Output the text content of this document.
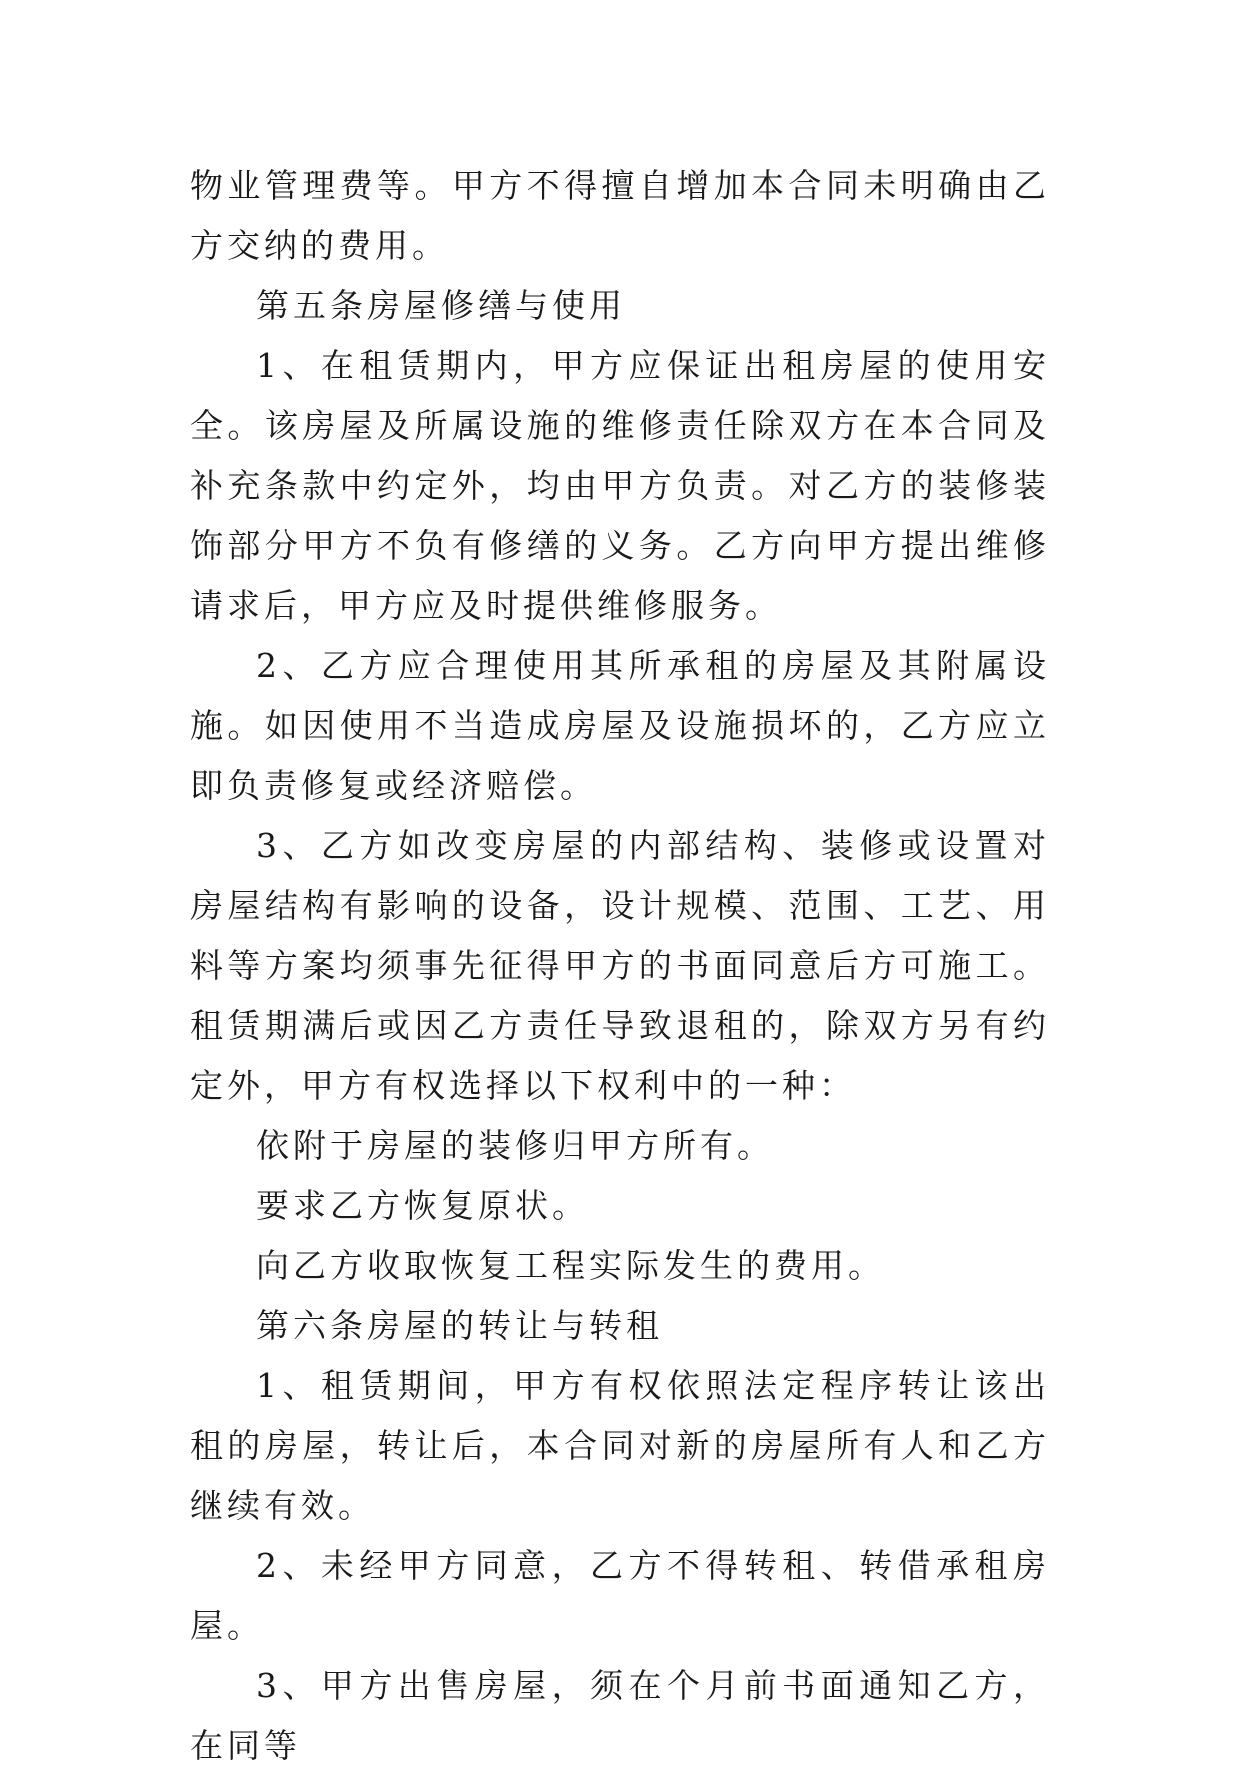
物业管理费等。甲方不得擅自增加本合同未明确由乙方交纳的费用。

第五条房屋修缮与使用

1、在租赁期内，甲方应保证出租房屋的使用安全。该房屋及所属设施的维修责任除双方在本合同及补充条款中约定外，均由甲方负责。对乙方的装修装饰部分甲方不负有修缮的义务。乙方向甲方提出维修请求后，甲方应及时提供维修服务。

2、乙方应合理使用其所承租的房屋及其附属设施。如因使用不当造成房屋及设施损坏的，乙方应立即负责修复或经济赔偿。

3、乙方如改变房屋的内部结构、装修或设置对房屋结构有影响的设备，设计规模、范围、工艺、用料等方案均须事先征得甲方的书面同意后方可施工。租赁期满后或因乙方责任导致退租的，除双方另有约定外，甲方有权选择以下权利中的一种：

依附于房屋的装修归甲方所有。

要求乙方恢复原状。

向乙方收取恢复工程实际发生的费用。

第六条房屋的转让与转租

1、租赁期间，甲方有权依照法定程序转让该出租的房屋，转让后，本合同对新的房屋所有人和乙方继续有效。

2、未经甲方同意，乙方不得转租、转借承租房屋。

3、甲方出售房屋，须在个月前书面通知乙方，在同等
